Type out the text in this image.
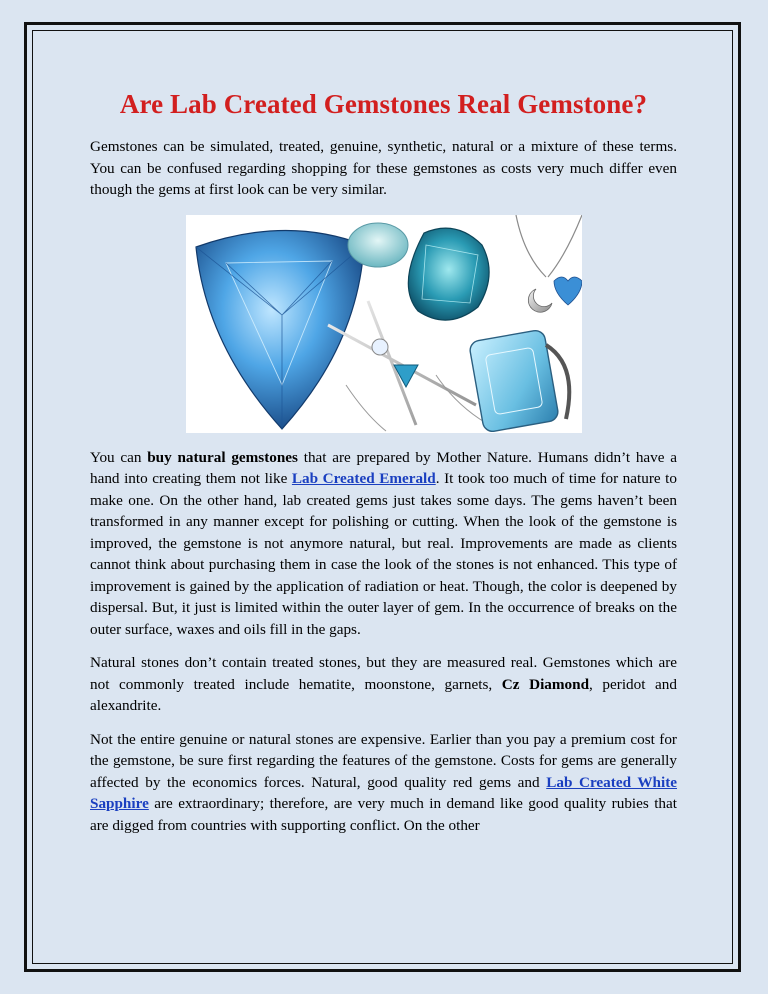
Are Lab Created Gemstones Real Gemstone?

Gemstones can be simulated, treated, genuine, synthetic, natural or a mixture of these terms. You can be confused regarding shopping for these gemstones as costs very much differ even though the gems at first look can be very similar.

You can buy natural gemstones that are prepared by Mother Nature. Humans didn’t have a hand into creating them not like Lab Created Emerald. It took too much of time for nature to make one. On the other hand, lab created gems just takes some days. The gems haven’t been transformed in any manner except for polishing or cutting. When the look of the gemstone is improved, the gemstone is not anymore natural, but real. Improvements are made as clients cannot think about purchasing them in case the look of the stones is not enhanced. This type of improvement is gained by the application of radiation or heat. Though, the color is deepened by dispersal. But, it just is limited within the outer layer of gem. In the occurrence of breaks on the outer surface, waxes and oils fill in the gaps.

Natural stones don’t contain treated stones, but they are measured real. Gemstones which are not commonly treated include hematite, moonstone, garnets, Cz Diamond, peridot and alexandrite.

Not the entire genuine or natural stones are expensive. Earlier than you pay a premium cost for the gemstone, be sure first regarding the features of the gemstone. Costs for gems are generally affected by the economics forces. Natural, good quality red gems and Lab Created White Sapphire are extraordinary; therefore, are very much in demand like good quality rubies that are digged from countries with supporting conflict. On the other
